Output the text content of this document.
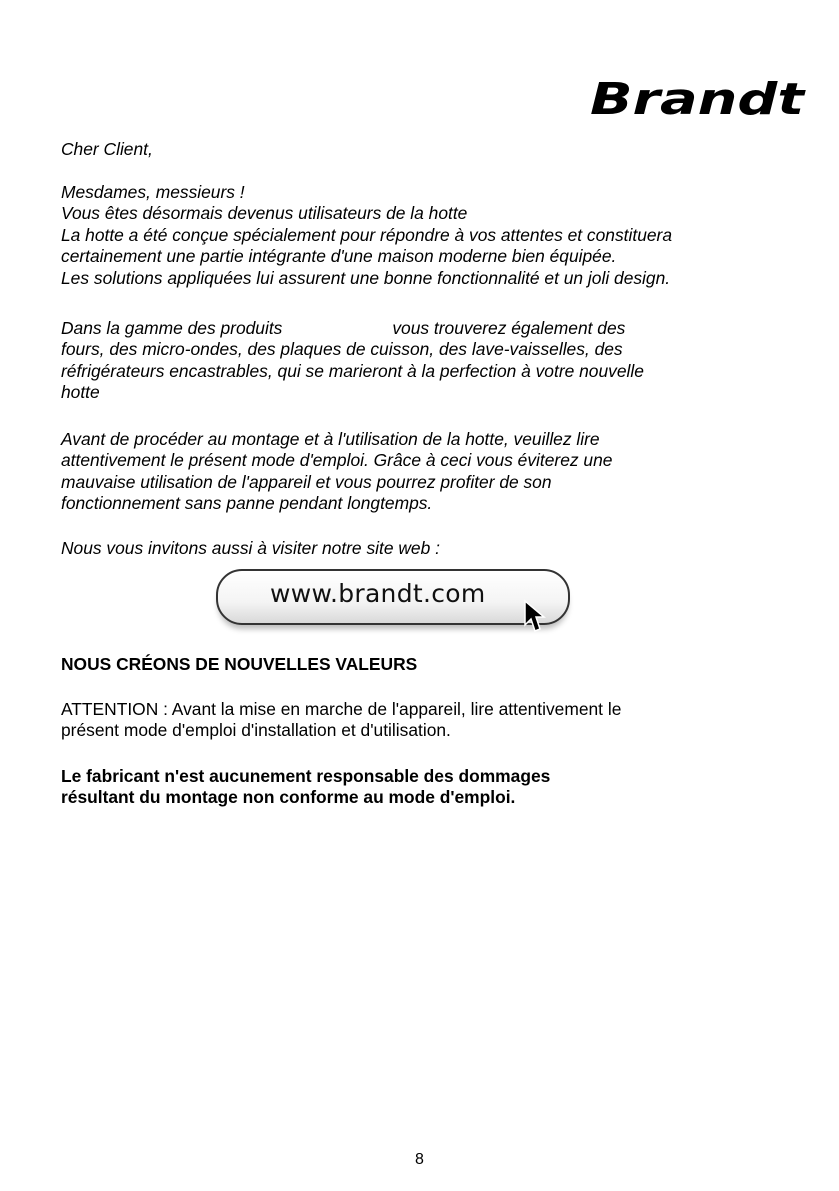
Brandt
Cher Client,
Mesdames, messieurs !
Vous êtes désormais devenus utilisateurs de la hotte
La hotte a été conçue spécialement pour répondre à vos attentes et constituera
certainement une partie intégrante d'une maison moderne bien équipée.
Les solutions appliquées lui assurent une bonne fonctionnalité et un joli design.
Dans la gamme des produits	vous trouverez également des
fours, des micro-ondes, des plaques de cuisson, des lave-vaisselles, des
réfrigérateurs encastrables, qui se marieront à la perfection à votre nouvelle
hotte
Avant de procéder au montage et à l'utilisation de la hotte, veuillez lire
attentivement le présent mode d'emploi. Grâce à ceci vous éviterez une
mauvaise utilisation de l'appareil et vous pourrez profiter de son
fonctionnement sans panne pendant longtemps.
Nous vous invitons aussi à visiter notre site web :
www.brandt.com
NOUS CRÉONS DE NOUVELLES VALEURS
ATTENTION : Avant la mise en marche de l'appareil, lire attentivement le
présent mode d'emploi d'installation et d'utilisation.
Le fabricant n'est aucunement responsable des dommages
résultant du montage non conforme au mode d'emploi.
8
